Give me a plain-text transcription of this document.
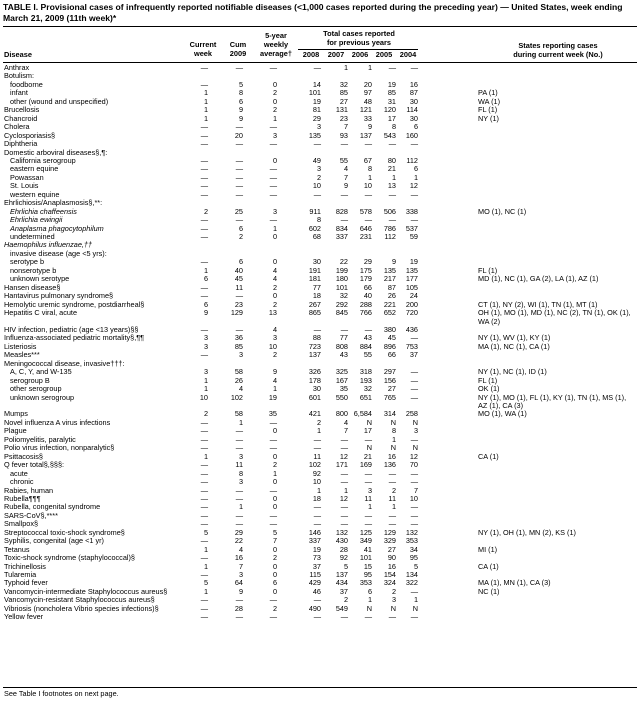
TABLE I. Provisional cases of infrequently reported notifiable diseases (<1,000 cases reported during the preceding year) — United States, week ending March 21, 2009 (11th week)*
Current
week
Cum
2009
5-year
weekly
average†
Total cases reported
for previous years
2008	2007	2006	2005	2004
States reporting cases
during current week (No.)
Disease
Anthrax	—	—	—	—	1	1	—	—
Botulism:
foodborne	—	5	0	14	32	20	19	16
infant	1	8	2	101	85	97	85	87	PA (1)
other (wound and unspecified)	1	6	0	19	27	48	31	30	WA (1)
Brucellosis	1	9	2	81	131	121	120	114	FL (1)
Chancroid	1	9	1	29	23	33	17	30	NY (1)
Cholera	—	—	—	3	7	9	8	6
Cyclosporiasis§	—	20	3	135	93	137	543	160
Diphtheria	—	—	—	—	—	—	—	—
Domestic arboviral diseases§,¶:
California serogroup	—	—	0	49	55	67	80	112
eastern equine	—	—	—	3	4	8	21	6
Powassan	—	—	—	2	7	1	1	1
St. Louis	—	—	—	10	9	10	13	12
western equine	—	—	—	—	—	—	—	—
Ehrlichiosis/Anaplasmosis§,**:
Ehrlichia chaffeensis	2	25	3	911	828	578	506	338	MO (1), NC (1)
Ehrlichia ewingii	—	—	—	8	—	—	—	—
Anaplasma phagocytophilum	—	6	1	602	834	646	786	537
undetermined	—	2	0	68	337	231	112	59
Haemophilus influenzae,††
invasive disease (age <5 yrs):
serotype b	—	6	0	30	22	29	9	19
nonserotype b	1	40	4	191	199	175	135	135	FL (1)
unknown serotype	6	45	4	181	180	179	217	177	MD (1), NC (1), GA (2), LA (1), AZ (1)
Hansen disease§	—	11	2	77	101	66	87	105
Hantavirus pulmonary syndrome§	—	—	0	18	32	40	26	24
Hemolytic uremic syndrome, postdiarrheal§	6	23	2	267	292	288	221	200	CT (1), NY (2), WI (1), TN (1), MT (1)
Hepatitis C viral, acute	9	129	13	865	845	766	652	720	OH (1), MO (1), MD (1), NC (2), TN (1), OK (1), WA (2)
HIV infection, pediatric (age <13 years)§§	—	—	4	—	—	—	380	436
Influenza-associated pediatric mortality§,¶¶	3	36	3	88	77	43	45	—	NY (1), WV (1), KY (1)
Listeriosis	3	85	10	723	808	884	896	753	MA (1), NC (1), CA (1)
Measles***	—	3	2	137	43	55	66	37
Meningococcal disease, invasive†††:
A, C, Y, and W-135	3	58	9	326	325	318	297	—	NY (1), NC (1), ID (1)
serogroup B	1	26	4	178	167	193	156	—	FL (1)
other serogroup	1	4	1	30	35	32	27	—	OK (1)
unknown serogroup	10	102	19	601	550	651	765	—	NY (1), MO (1), FL (1), KY (1), TN (1), MS (1), AZ (1), CA (3)
Mumps	2	58	35	421	800 6,584	314	258	MO (1), WA (1)
Novel influenza A virus infections	—	1	—	2	4	N	N	N
Plague	—	—	0	1	7	17	8	3
Poliomyelitis, paralytic	—	—	—	—	—	—	1	—
Polio virus infection, nonparalytic§	—	—	—	—	—	N	N	N
Psittacosis§	1	3	0	11	12	21	16	12	CA (1)
Q fever total§,§§§:	—	11	2	102	171	169	136	70
acute	—	8	1	92	—	—	—	—
chronic	—	3	0	10	—	—	—	—
Rabies, human	—	—	—	1	1	3	2	7
Rubella¶¶¶	—	—	0	18	12	11	11	10
Rubella, congenital syndrome	—	1	0	—	—	1	1	—
SARS-CoV§,****	—	—	—	—	—	—	—	—
Smallpox§	—	—	—	—	—	—	—	—
Streptococcal toxic-shock syndrome§	5	29	5	146	132	125	129	132	NY (1), OH (1), MN (2), KS (1)
Syphilis, congenital (age <1 yr)	—	22	7	337	430	349	329	353
Tetanus	1	4	0	19	28	41	27	34	MI (1)
Toxic-shock syndrome (staphylococcal)§	—	16	2	73	92	101	90	95
Trichinellosis	1	7	0	37	5	15	16	5	CA (1)
Tularemia	—	3	0	115	137	95	154	134
Typhoid fever	5	64	6	429	434	353	324	322	MA (1), MN (1), CA (3)
Vancomycin-intermediate Staphylococcus aureus§	1	9	0	46	37	6	2	—	NC (1)
Vancomycin-resistant Staphylococcus aureus§	—	—	—	—	2	1	3	1
Vibriosis (noncholera Vibrio species infections)§	—	28	2	490	549	N	N	N
Yellow fever	—	—	—	—	—	—	—	—
See Table I footnotes on next page.
